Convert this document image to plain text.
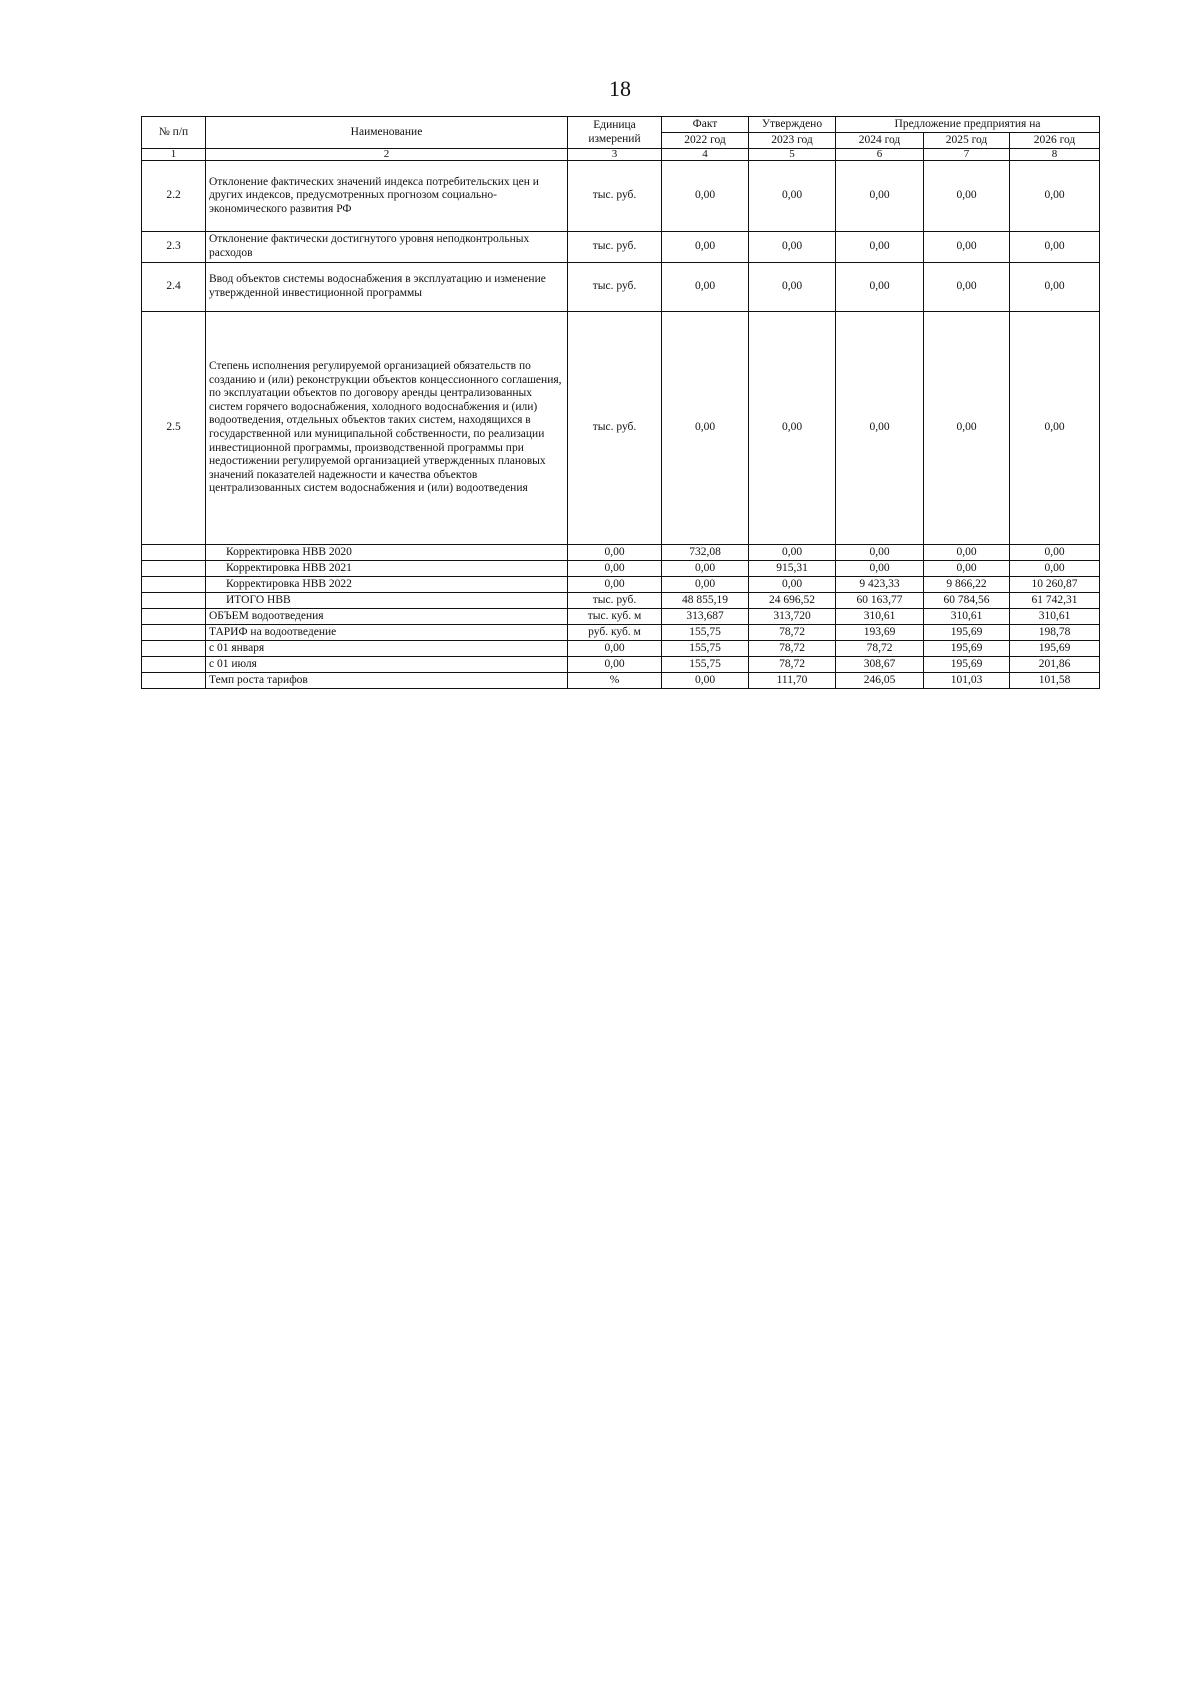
18
№ п/п	Наименование	Единица измерений	Факт	Утверждено	Предложение предприятия на		
			2022 год	2023 год	2024 год	2025 год	2026 год
1	2	3	4	5	6	7	8
2.2	Отклонение фактических значений индекса потребительских цен и других индексов, предусмотренных прогнозом социально-экономического развития РФ	тыс. руб.	0,00	0,00	0,00	0,00	0,00
2.3	Отклонение фактически достигнутого уровня неподконтрольных расходов	тыс. руб.	0,00	0,00	0,00	0,00	0,00
2.4	Ввод объектов системы водоснабжения в эксплуатацию и изменение утвержденной инвестиционной программы	тыс. руб.	0,00	0,00	0,00	0,00	0,00
2.5	Степень исполнения регулируемой организацией обязательств по созданию и (или) реконструкции объектов концессионного соглашения, по эксплуатации объектов по договору аренды централизованных систем горячего водоснабжения, холодного водоснабжения и (или) водоотведения, отдельных объектов таких систем, находящихся в государственной или муниципальной собственности, по реализации инвестиционной программы, производственной программы при недостижении регулируемой организацией утвержденных плановых значений показателей надежности и качества объектов централизованных систем водоснабжения и (или) водоотведения	тыс. руб.	0,00	0,00	0,00	0,00	0,00
	Корректировка НВВ 2020	0,00	732,08	0,00	0,00	0,00	0,00
	Корректировка НВВ 2021	0,00	0,00	915,31	0,00	0,00	0,00
	Корректировка НВВ 2022	0,00	0,00	0,00	9 423,33	9 866,22	10 260,87
	ИТОГО НВВ	тыс. руб.	48 855,19	24 696,52	60 163,77	60 784,56	61 742,31
	ОБЪЕМ водоотведения	тыс. куб. м	313,687	313,720	310,61	310,61	310,61
	ТАРИФ на водоотведение	руб. куб. м	155,75	78,72	193,69	195,69	198,78
	с 01 января	0,00	155,75	78,72	78,72	195,69	195,69
	с 01 июля	0,00	155,75	78,72	308,67	195,69	201,86
	Темп роста тарифов	%	0,00	111,70	246,05	101,03	101,58
